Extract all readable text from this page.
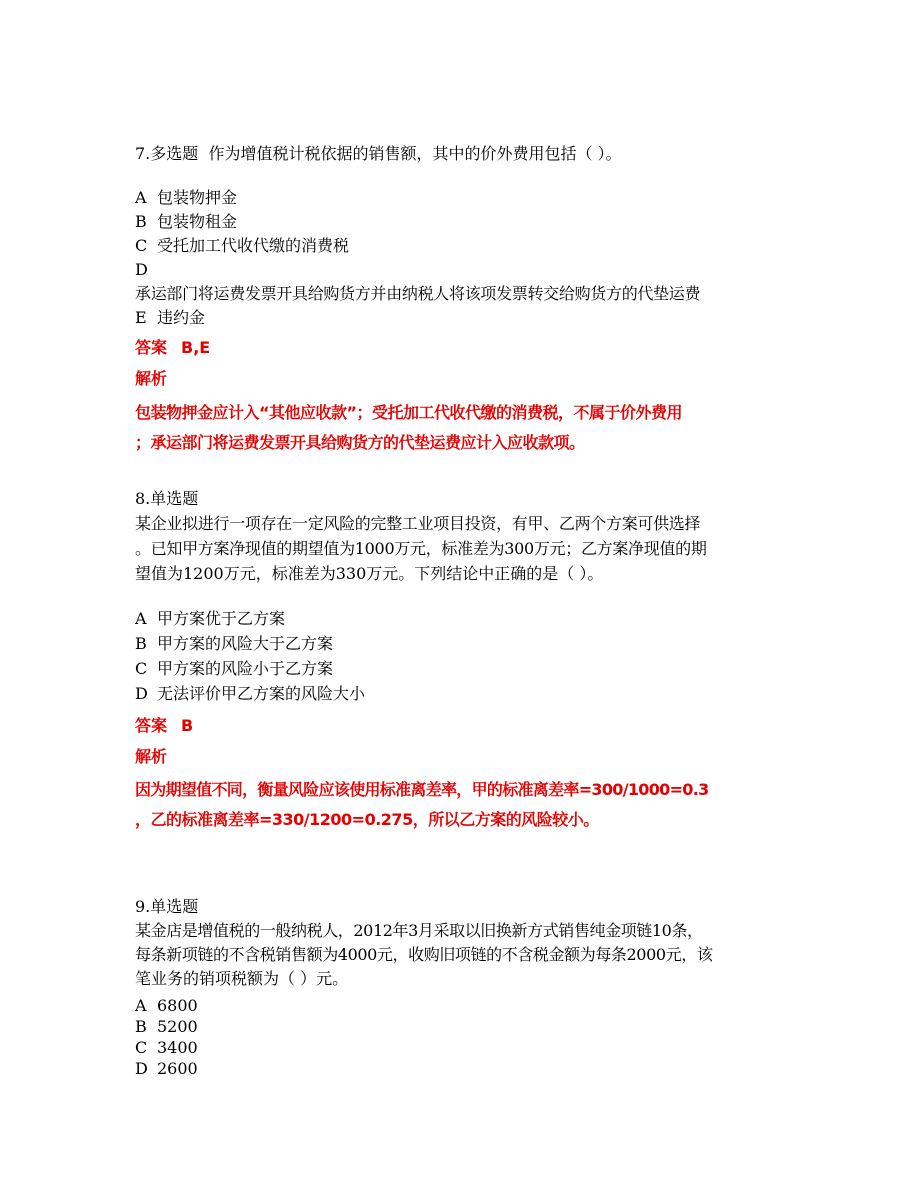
7.多选题 作为增值税计税依据的销售额，其中的价外费用包括（ ）。
A 包装物押金
B 包装物租金
C 受托加工代收代缴的消费税
D
承运部门将运费发票开具给购货方并由纳税人将该项发票转交给购货方的代垫运费
E 违约金
答案 B,E
解析
包装物押金应计入“其他应收款”；受托加工代收代缴的消费税，不属于价外费用
；承运部门将运费发票开具给购货方的代垫运费应计入应收款项。
8.单选题
某企业拟进行一项存在一定风险的完整工业项目投资，有甲、乙两个方案可供选择
。已知甲方案净现值的期望值为1000万元，标准差为300万元；乙方案净现值的期
望值为1200万元，标准差为330万元。下列结论中正确的是（ ）。
A 甲方案优于乙方案
B 甲方案的风险大于乙方案
C 甲方案的风险小于乙方案
D 无法评价甲乙方案的风险大小
答案 B
解析
因为期望值不同，衡量风险应该使用标准离差率，甲的标准离差率=300/1000=0.3
，乙的标准离差率=330/1200=0.275，所以乙方案的风险较小。
9.单选题
某金店是增值税的一般纳税人，2012年3月采取以旧换新方式销售纯金项链10条，
每条新项链的不含税销售额为4000元，收购旧项链的不含税金额为每条2000元，该
笔业务的销项税额为（ ）元。
A 6800
B 5200
C 3400
D 2600
